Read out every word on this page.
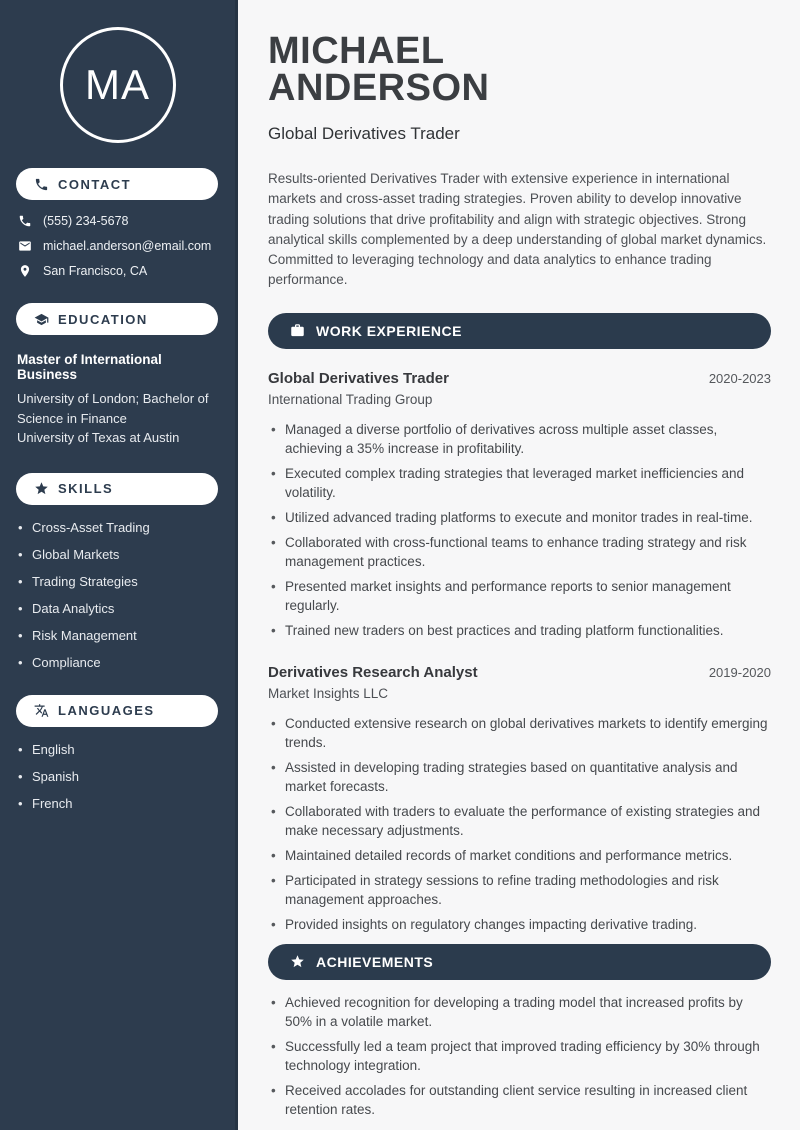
MA
CONTACT
(555) 234-5678
michael.anderson@email.com
San Francisco, CA
EDUCATION
Master of International Business
University of London; Bachelor of Science in Finance
University of Texas at Austin
SKILLS
• Cross-Asset Trading
• Global Markets
• Trading Strategies
• Data Analytics
• Risk Management
• Compliance
LANGUAGES
• English
• Spanish
• French
MICHAEL
ANDERSON
Global Derivatives Trader

Results-oriented Derivatives Trader with extensive experience in international markets and cross-asset trading strategies. Proven ability to develop innovative trading solutions that drive profitability and align with strategic objectives. Strong analytical skills complemented by a deep understanding of global market dynamics. Committed to leveraging technology and data analytics to enhance trading performance.

WORK EXPERIENCE
Global Derivatives Trader	2020-2023
International Trading Group
• Managed a diverse portfolio of derivatives across multiple asset classes, achieving a 35% increase in profitability.
• Executed complex trading strategies that leveraged market inefficiencies and volatility.
• Utilized advanced trading platforms to execute and monitor trades in real-time.
• Collaborated with cross-functional teams to enhance trading strategy and risk management practices.
• Presented market insights and performance reports to senior management regularly.
• Trained new traders on best practices and trading platform functionalities.
Derivatives Research Analyst	2019-2020
Market Insights LLC
• Conducted extensive research on global derivatives markets to identify emerging trends.
• Assisted in developing trading strategies based on quantitative analysis and market forecasts.
• Collaborated with traders to evaluate the performance of existing strategies and make necessary adjustments.
• Maintained detailed records of market conditions and performance metrics.
• Participated in strategy sessions to refine trading methodologies and risk management approaches.
• Provided insights on regulatory changes impacting derivative trading.
ACHIEVEMENTS
• Achieved recognition for developing a trading model that increased profits by 50% in a volatile market.
• Successfully led a team project that improved trading efficiency by 30% through technology integration.
• Received accolades for outstanding client service resulting in increased client retention rates.
